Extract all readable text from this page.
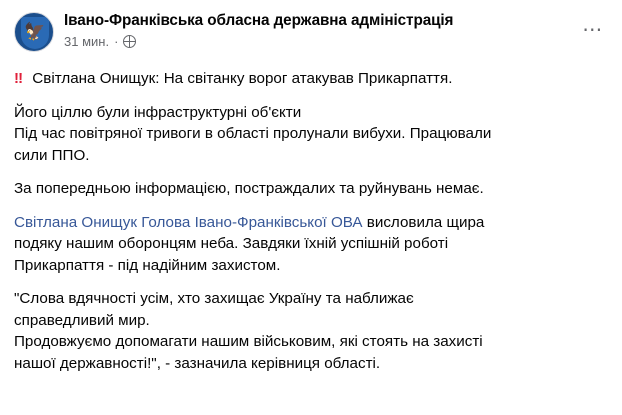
🦅
Івано-Франківська обласна державна адміністрація
31 мин. ·
⋯

‼ Світлана Онищук: На світанку ворог атакував Прикарпаття.

Його ціллю були інфраструктурні об'єкти
Під час повітряної тривоги в області пролунали вибухи. Працювали
сили ППО.

За попередньою інформацією, постраждалих та руйнувань немає.

Світлана Онищук Голова Івано-Франківської ОВА висловила щира
подяку нашим оборонцям неба. Завдяки їхній успішній роботі
Прикарпаття - під надійним захистом.

"Слова вдячності усім, хто захищає Україну та наближає
справедливий мир.
Продовжуємо допомагати нашим військовим, які стоять на захисті
нашої державності!", - зазначила керівниця області.
